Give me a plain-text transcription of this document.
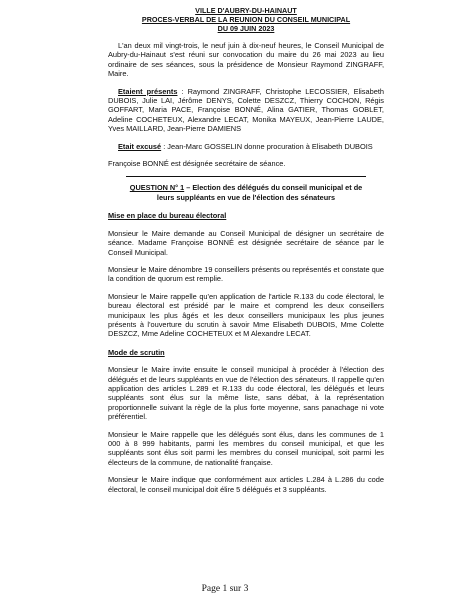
VILLE D'AUBRY-DU-HAINAUT
PROCES-VERBAL DE LA REUNION DU CONSEIL MUNICIPAL
DU 09 JUIN 2023

L'an deux mil vingt-trois, le neuf juin à dix-neuf heures, le Conseil Municipal de Aubry-du-Hainaut s'est réuni sur convocation du maire du 26 mai 2023 au lieu ordinaire de ses séances, sous la présidence de Monsieur Raymond ZINGRAFF, Maire.

Etaient présents : Raymond ZINGRAFF, Christophe LECOSSIER, Elisabeth DUBOIS, Julie LAI, Jérôme DENYS, Colette DESZCZ, Thierry COCHON, Régis GOFFART, Maria PACE, Françoise BONNÉ, Alina GATIER, Thomas GOBLET, Adeline COCHETEUX, Alexandre LECAT, Monika MAYEUX, Jean-Pierre LAUDE, Yves MAILLARD, Jean-Pierre DAMIENS

Etait excusé : Jean-Marc GOSSELIN donne procuration à Elisabeth DUBOIS

Françoise BONNÉ est désignée secrétaire de séance.

QUESTION N° 1 – Election des délégués du conseil municipal et de leurs suppléants en vue de l'élection des sénateurs
Mise en place du bureau électoral

Monsieur le Maire demande au Conseil Municipal de désigner un secrétaire de séance. Madame Françoise BONNÉ est désignée secrétaire de séance par le Conseil Municipal.

Monsieur le Maire dénombre 19 conseillers présents ou représentés et constate que la condition de quorum est remplie.

Monsieur le Maire rappelle qu'en application de l'article R.133 du code électoral, le bureau électoral est présidé par le maire et comprend les deux conseillers municipaux les plus âgés et les deux conseillers municipaux les plus jeunes présents à l'ouverture du scrutin à savoir Mme Elisabeth DUBOIS, Mme Colette DESZCZ, Mme Adeline COCHETEUX et M Alexandre LECAT.

Mode de scrutin

Monsieur le Maire invite ensuite le conseil municipal à procéder à l'élection des délégués et de leurs suppléants en vue de l'élection des sénateurs. Il rappelle qu'en application des articles L.289 et R.133 du code électoral, les délégués et leurs suppléants sont élus sur la même liste, sans débat, à la représentation proportionnelle suivant la règle de la plus forte moyenne, sans panachage ni vote préférentiel.

Monsieur le Maire rappelle que les délégués sont élus, dans les communes de 1 000 à 8 999 habitants, parmi les membres du conseil municipal, et que les suppléants sont élus soit parmi les membres du conseil municipal, soit parmi les électeurs de la commune, de nationalité française.

Monsieur le Maire indique que conformément aux articles L.284 à L.286 du code électoral, le conseil municipal doit élire 5 délégués et 3 suppléants.

Page 1 sur 3
